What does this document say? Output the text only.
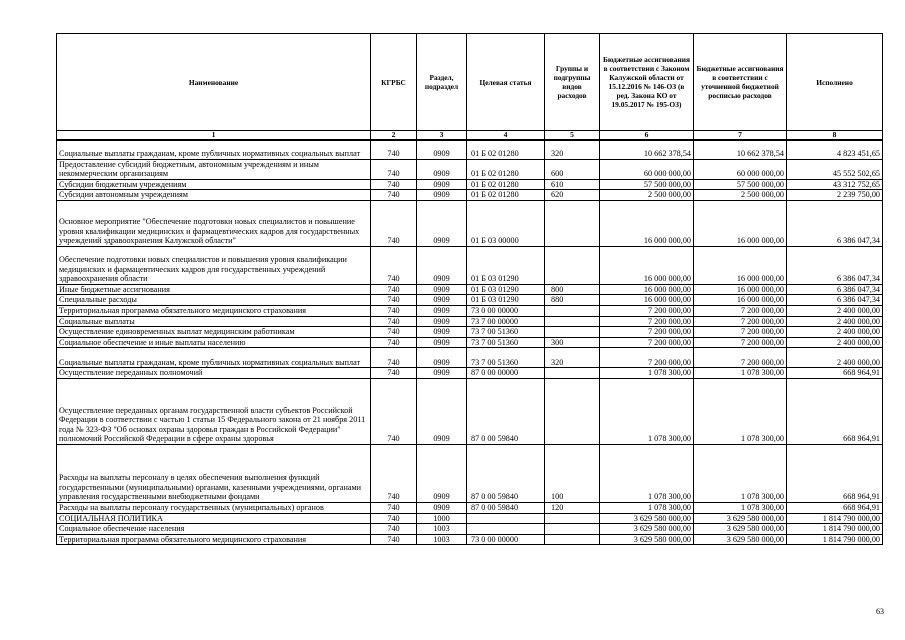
Наименование	КГРБС	Раздел, подраздел	Целевая статья	Группы и подгруппы видов расходов	Бюджетные ассигнования в соответствии с Законом Калужской области от 15.12.2016 № 146-ОЗ (в ред. Закона КО от 19.05.2017 № 195-ОЗ)	Бюджетные ассигнования в соответствии с уточненной бюджетной росписью расходов	Исполнено
1	2	3	4	5	6	7	8
Социальные выплаты гражданам, кроме публичных нормативных социальных выплат	740	0909	01 Б 02 01280	320	10 662 378,54	10 662 378,54	4 823 451,65
Предоставление субсидий бюджетным, автономным учреждениям и иным некоммерческим организациям	740	0909	01 Б 02 01280	600	60 000 000,00	60 000 000,00	45 552 502,65
Субсидии бюджетным учреждениям	740	0909	01 Б 02 01280	610	57 500 000,00	57 500 000,00	43 312 752,65
Субсидии автономным учреждениям	740	0909	01 Б 02 01280	620	2 500 000,00	2 500 000,00	2 239 750,00
Основное мероприятие "Обеспечение подготовки новых специалистов и повышение уровня квалификации медицинских и фармацевтических кадров для государственных учреждений здравоохранения Калужской области"	740	0909	01 Б 03 00000		16 000 000,00	16 000 000,00	6 386 047,34
Обеспечение подготовки новых специалистов и повышения уровня квалификации медицинских и фармацевтических кадров для государственных учреждений здравоохранения области	740	0909	01 Б 03 01290		16 000 000,00	16 000 000,00	6 386 047,34
Иные бюджетные ассигнования	740	0909	01 Б 03 01290	800	16 000 000,00	16 000 000,00	6 386 047,34
Специальные расходы	740	0909	01 Б 03 01290	880	16 000 000,00	16 000 000,00	6 386 047,34
Территориальная программа обязательного медицинского страхования	740	0909	73 0 00 00000		7 200 000,00	7 200 000,00	2 400 000,00
Социальные выплаты	740	0909	73 7 00 00000		7 200 000,00	7 200 000,00	2 400 000,00
Осуществление единовременных выплат медицинским работникам	740	0909	73 7 00 51360		7 200 000,00	7 200 000,00	2 400 000,00
Социальное обеспечение и иные выплаты населению	740	0909	73 7 00 51360	300	7 200 000,00	7 200 000,00	2 400 000,00
Социальные выплаты гражданам, кроме публичных нормативных социальных выплат	740	0909	73 7 00 51360	320	7 200 000,00	7 200 000,00	2 400 000,00
Осуществление переданных полномочий	740	0909	87 0 00 00000		1 078 300,00	1 078 300,00	668 964,91
Осуществление переданных органам государственной власти субъектов Российской Федерации в соответствии с частью 1 статьи 15 Федерального закона от 21 ноября 2011 года № 323-ФЗ "Об основах охраны здоровья граждан в Российской Федерации" полномочий Российской Федерации в сфере охраны здоровья	740	0909	87 0 00 59840		1 078 300,00	1 078 300,00	668 964,91
Расходы на выплаты персоналу в целях обеспечения выполнения функций государственными (муниципальными) органами, казенными учреждениями, органами управления государственными внебюджетными фондами	740	0909	87 0 00 59840	100	1 078 300,00	1 078 300,00	668 964,91
Расходы на выплаты персоналу государственных (муниципальных) органов	740	0909	87 0 00 59840	120	1 078 300,00	1 078 300,00	668 964,91
СОЦИАЛЬНАЯ ПОЛИТИКА	740	1000			3 629 580 000,00	3 629 580 000,00	1 814 790 000,00
Социальное обеспечение населения	740	1003			3 629 580 000,00	3 629 580 000,00	1 814 790 000,00
Территориальная программа обязательного медицинского страхования	740	1003	73 0 00 00000		3 629 580 000,00	3 629 580 000,00	1 814 790 000,00
63
